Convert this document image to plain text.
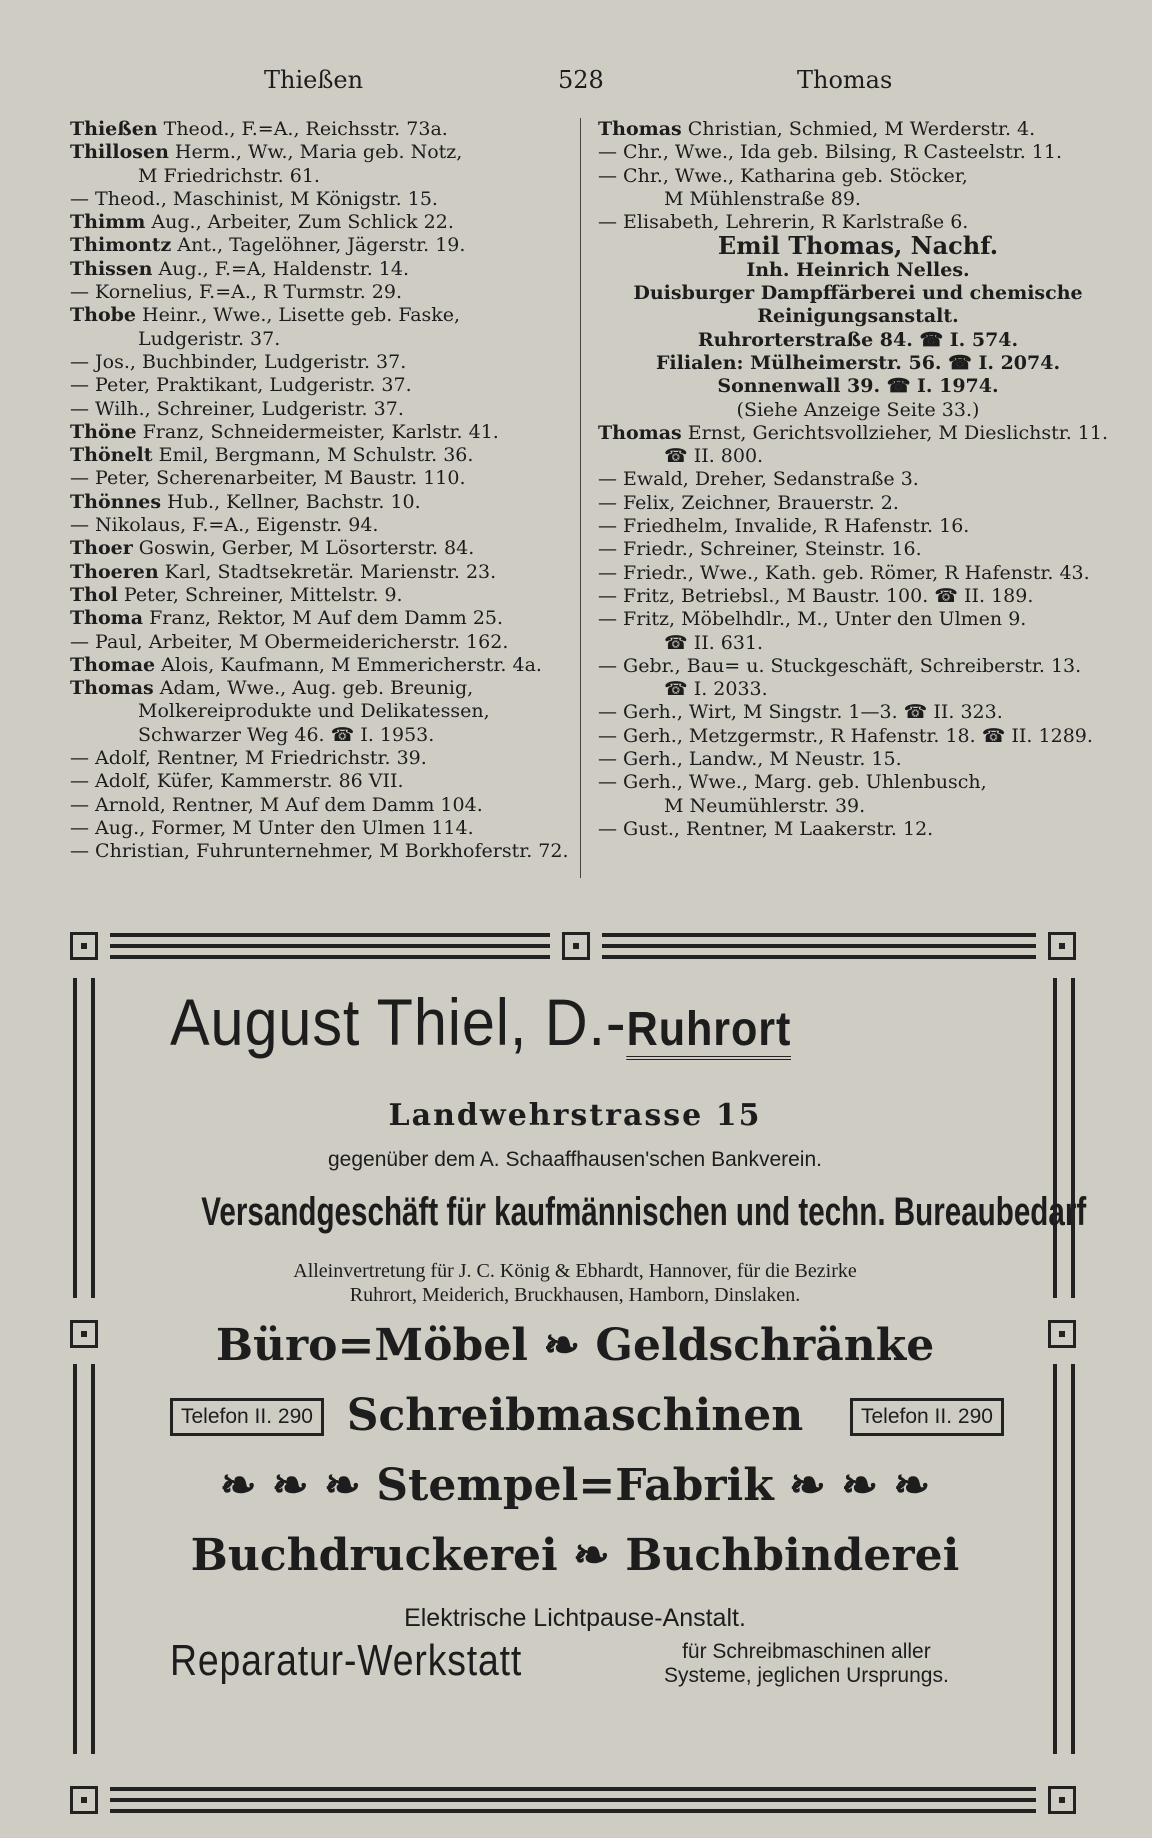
Thießen	528	Thomas
Thießen Theod., F.=A., Reichsstr. 73a.
Thillosen Herm., Ww., Maria geb. Notz,
M Friedrichstr. 61.
— Theod., Maschinist, M Königstr. 15.
Thimm Aug., Arbeiter, Zum Schlick 22.
Thimontz Ant., Tagelöhner, Jägerstr. 19.
Thissen Aug., F.=A, Haldenstr. 14.
— Kornelius, F.=A., R Turmstr. 29.
Thobe Heinr., Wwe., Lisette geb. Faske,
Ludgeristr. 37.
— Jos., Buchbinder, Ludgeristr. 37.
— Peter, Praktikant, Ludgeristr. 37.
— Wilh., Schreiner, Ludgeristr. 37.
Thöne Franz, Schneidermeister, Karlstr. 41.
Thönelt Emil, Bergmann, M Schulstr. 36.
— Peter, Scherenarbeiter, M Baustr. 110.
Thönnes Hub., Kellner, Bachstr. 10.
— Nikolaus, F.=A., Eigenstr. 94.
Thoer Goswin, Gerber, M Lösorterstr. 84.
Thoeren Karl, Stadtsekretär. Marienstr. 23.
Thol Peter, Schreiner, Mittelstr. 9.
Thoma Franz, Rektor, M Auf dem Damm 25.
— Paul, Arbeiter, M Obermeidericherstr. 162.
Thomae Alois, Kaufmann, M Emmericherstr. 4a.
Thomas Adam, Wwe., Aug. geb. Breunig,
Molkereiprodukte und Delikatessen,
Schwarzer Weg 46. ☎ I. 1953.
— Adolf, Rentner, M Friedrichstr. 39.
— Adolf, Küfer, Kammerstr. 86 VII.
— Arnold, Rentner, M Auf dem Damm 104.
— Aug., Former, M Unter den Ulmen 114.
— Christian, Fuhrunternehmer, M Borkhoferstr. 72.
Thomas Christian, Schmied, M Werderstr. 4.
— Chr., Wwe., Ida geb. Bilsing, R Casteelstr. 11.
— Chr., Wwe., Katharina geb. Stöcker,
M Mühlenstraße 89.
— Elisabeth, Lehrerin, R Karlstraße 6.
Emil Thomas, Nachf.
Inh. Heinrich Nelles.
Duisburger Dampffärberei und chemische
Reinigungsanstalt.
Ruhrorterstraße 84. ☎ I. 574.
Filialen: Mülheimerstr. 56. ☎ I. 2074.
Sonnenwall 39. ☎ I. 1974.
(Siehe Anzeige Seite 33.)
Thomas Ernst, Gerichtsvollzieher, M Dieslichstr. 11.
☎ II. 800.
— Ewald, Dreher, Sedanstraße 3.
— Felix, Zeichner, Brauerstr. 2.
— Friedhelm, Invalide, R Hafenstr. 16.
— Friedr., Schreiner, Steinstr. 16.
— Friedr., Wwe., Kath. geb. Römer, R Hafenstr. 43.
— Fritz, Betriebsl., M Baustr. 100. ☎ II. 189.
— Fritz, Möbelhdlr., M., Unter den Ulmen 9.
☎ II. 631.
— Gebr., Bau= u. Stuckgeschäft, Schreiberstr. 13.
☎ I. 2033.
— Gerh., Wirt, M Singstr. 1—3. ☎ II. 323.
— Gerh., Metzgermstr., R Hafenstr. 18. ☎ II. 1289.
— Gerh., Landw., M Neustr. 15.
— Gerh., Wwe., Marg. geb. Uhlenbusch,
M Neumühlerstr. 39.
— Gust., Rentner, M Laakerstr. 12.
August Thiel, D.-Ruhrort
Landwehrstrasse 15
gegenüber dem A. Schaaffhausen'schen Bankverein.
Versandgeschäft für kaufmännischen und techn. Bureaubedarf
Alleinvertretung für J. C. König & Ebhardt, Hannover, für die Bezirke
Ruhrort, Meiderich, Bruckhausen, Hamborn, Dinslaken.
Büro=Möbel ❧ Geldschränke
Telefon II. 290 Schreibmaschinen	Telefon II. 290
❧ ❧ ❧ Stempel=Fabrik ❧ ❧ ❧
Buchdruckerei ❧ Buchbinderei
Elektrische Lichtpause-Anstalt.
Reparatur-Werkstatt	für Schreibmaschinen aller
Systeme, jeglichen Ursprungs.
